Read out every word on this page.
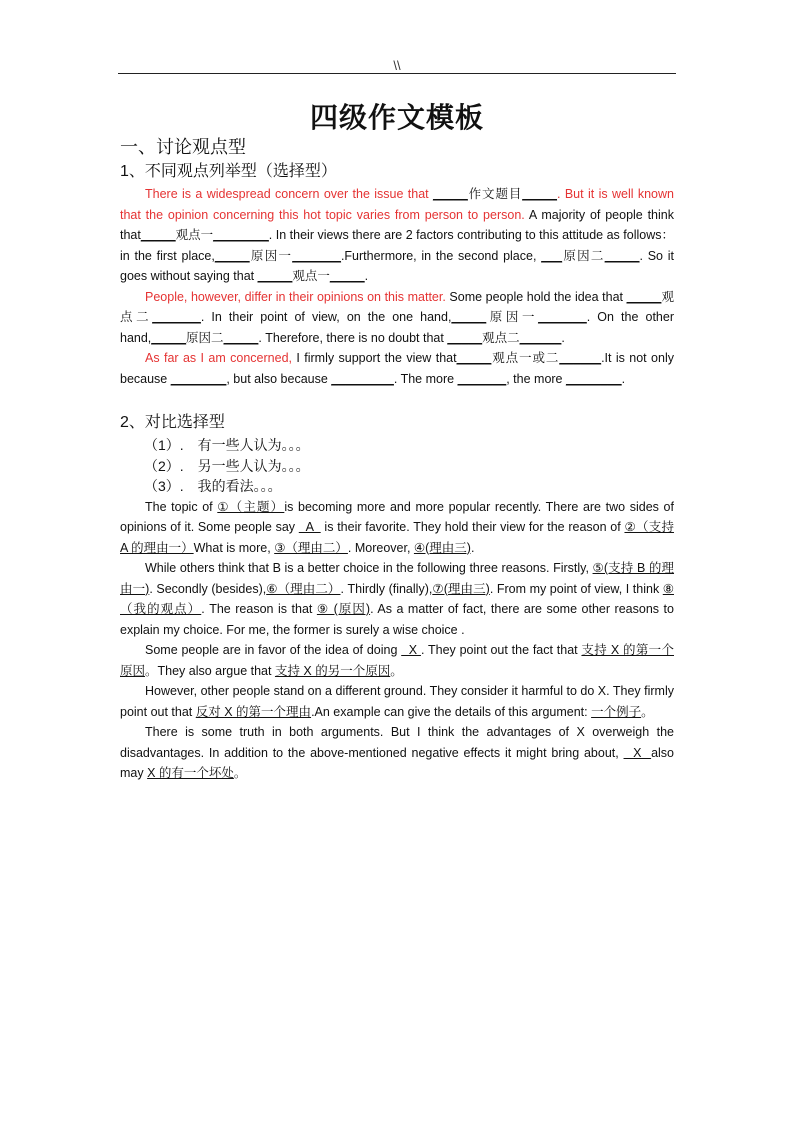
\\
四级作文模板

一、讨论观点型

1、不同观点列举型（选择型）

There is a widespread concern over the issue that _____作文题目_____. But it is well known that the opinion concerning this hot topic varies from person to person. A majority of people think that_____观点一________. In their views there are 2 factors contributing to this attitude as follows： in the first place,_____原因一_______.Furthermore, in the second place, ___原因二_____. So it goes without saying that _____观点一_____.

People, however, differ in their opinions on this matter. Some people hold the idea that _____观点二_______. In their point of view, on the one hand,_____原因一_______. On the other hand,_____原因二_____. Therefore, there is no doubt that _____观点二______.

As far as I am concerned, I firmly support the view that_____观点一或二______.It is not only because ________, but also because _________. The more _______, the more ________.

2、对比选择型

（1）.　有一些人认为。。。

（2）.　另一些人认为。。。

（3）.　我的看法。。。

The topic of ①（主题）is becoming more and more popular recently. There are two sides of opinions of it. Some people say   A   is their favorite. They hold their view for the reason of ②（支持 A 的理由一）What is more, ③（理由二）. Moreover, ④(理由三).

While others think that B is a better choice in the following three reasons. Firstly, ⑤(支持 B 的理由一). Secondly (besides),⑥（理由二）. Thirdly (finally),⑦(理由三). From my point of view, I think ⑧（我的观点）. The reason is that ⑨ (原因). As a matter of fact, there are some other reasons to explain my choice. For me, the former is surely a wise choice .

Some people are in favor of the idea of doing   X . They point out the fact that 支持 X 的第一个原因。They also argue that 支持 X 的另一个原因。

However, other people stand on a different ground. They consider it harmful to do X. They firmly point out that 反对 X 的第一个理由.An example can give the details of this argument: 一个例子。

There is some truth in both arguments. But I think the advantages of X overweigh the disadvantages. In addition to the above-mentioned negative effects it might bring about,   X  also may X 的有一个坏处。
